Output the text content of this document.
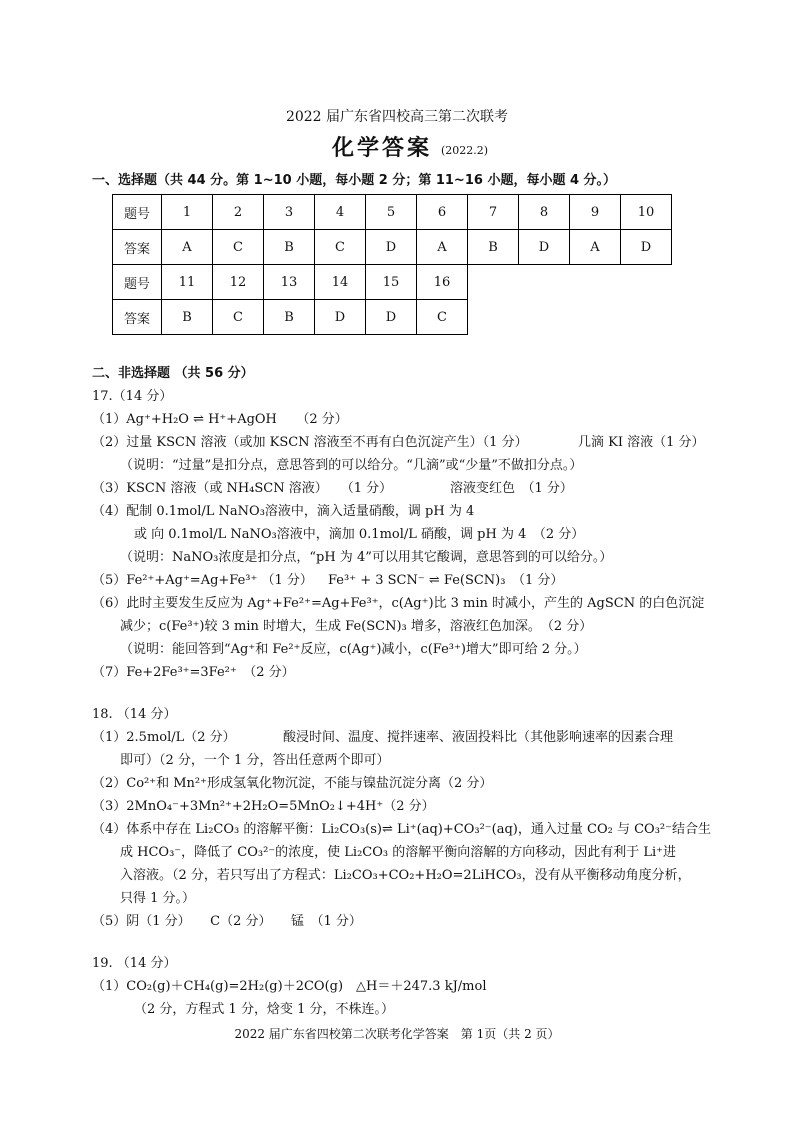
2022 届广东省四校高三第二次联考
化学答案 (2022.2)
一、选择题（共 44 分。第 1~10 小题，每小题 2 分；第 11~16 小题，每小题 4 分。）
题号	1	2	3	4	5	6	7	8	9	10
答案	A	C	B	C	D	A	B	D	A	D
题号	11	12	13	14	15	16
答案	B	C	B	D	D	C
二、非选择题 （共 56 分）
17.（14 分）
（1）Ag⁺+H₂O ⇌ H⁺+AgOH　　（2 分）
（2）过量 KSCN 溶液（或加 KSCN 溶液至不再有白色沉淀产生）（1 分）	几滴 KI 溶液（1 分）
（说明：“过量”是扣分点，意思答到的可以给分。“几滴”或“少量”不做扣分点。）
（3）KSCN 溶液（或 NH₄SCN 溶液）　　（1 分）	溶液变红色　（1 分）
（4）配制 0.1mol/L NaNO₃溶液中，滴入适量硝酸，调 pH 为 4
或 向 0.1mol/L NaNO₃溶液中，滴加 0.1mol/L 硝酸，调 pH 为 4　（2 分）
（说明：NaNO₃浓度是扣分点，“pH 为 4”可以用其它酸调，意思答到的可以给分。）
（5）Fe²⁺+Ag⁺=Ag+Fe³⁺ （1 分） Fe³⁺ + 3 SCN⁻ ⇌ Fe(SCN)₃　（1 分）
（6）此时主要发生反应为 Ag⁺+Fe²⁺=Ag+Fe³⁺，c(Ag⁺)比 3 min 时减小，产生的 AgSCN 的白色沉淀
减少；c(Fe³⁺)较 3 min 时增大，生成 Fe(SCN)₃ 增多，溶液红色加深。　（2 分）
（说明：能回答到“Ag⁺和 Fe²⁺反应，c(Ag⁺)减小，c(Fe³⁺)增大”即可给 2 分。）
（7）Fe+2Fe³⁺=3Fe²⁺　（2 分）
18. （14 分）
（1）2.5mol/L（2 分）	酸浸时间、温度、搅拌速率、液固投料比（其他影响速率的因素合理
即可）（2 分，一个 1 分，答出任意两个即可）
（2）Co²⁺和 Mn²⁺形成氢氧化物沉淀，不能与镍盐沉淀分离（2 分）
（3）2MnO₄⁻+3Mn²⁺+2H₂O=5MnO₂↓+4H⁺（2 分）
（4）体系中存在 Li₂CO₃ 的溶解平衡：Li₂CO₃(s)⇌ Li⁺(aq)+CO₃²⁻(aq)，通入过量 CO₂ 与 CO₃²⁻结合生
成 HCO₃⁻，降低了 CO₃²⁻的浓度，使 Li₂CO₃ 的溶解平衡向溶解的方向移动，因此有利于 Li⁺进
入溶液。（2 分，若只写出了方程式：Li₂CO₃+CO₂+H₂O=2LiHCO₃，没有从平衡移动角度分析，
只得 1 分。）
（5）阴（1 分）　　C（2 分）　　锰　（1 分）
19. （14 分）
（1）CO₂(g)＋CH₄(g)=2H₂(g)＋2CO(g)　△H＝＋247.3 kJ/mol
（2 分，方程式 1 分，焓变 1 分，不株连。）
2022 届广东省四校第二次联考化学答案　第 1页（共 2 页）
